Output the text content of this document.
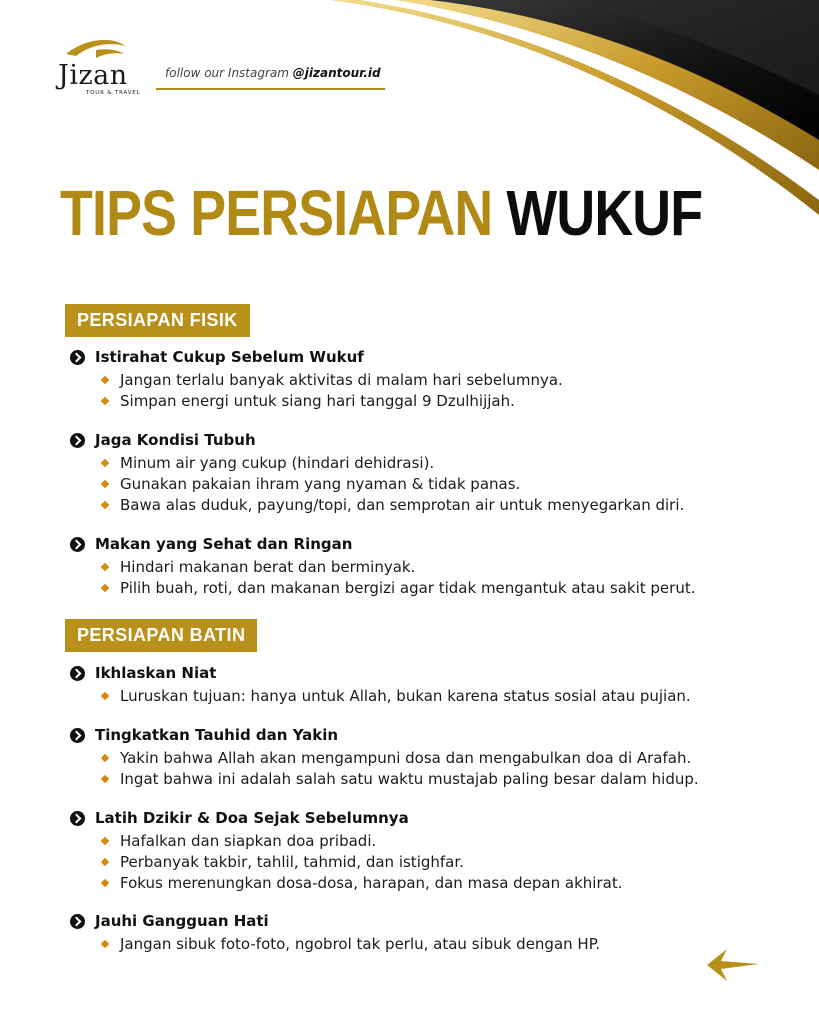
Jizan
TOUR & TRAVEL
follow our Instagram @jizantour.id
TIPS PERSIAPAN WUKUF
PERSIAPAN FISIK
Istirahat Cukup Sebelum Wukuf
Jangan terlalu banyak aktivitas di malam hari sebelumnya.
Simpan energi untuk siang hari tanggal 9 Dzulhijjah.
Jaga Kondisi Tubuh
Minum air yang cukup (hindari dehidrasi).
Gunakan pakaian ihram yang nyaman & tidak panas.
Bawa alas duduk, payung/topi, dan semprotan air untuk menyegarkan diri.
Makan yang Sehat dan Ringan
Hindari makanan berat dan berminyak.
Pilih buah, roti, dan makanan bergizi agar tidak mengantuk atau sakit perut.
PERSIAPAN BATIN
Ikhlaskan Niat
Luruskan tujuan: hanya untuk Allah, bukan karena status sosial atau pujian.
Tingkatkan Tauhid dan Yakin
Yakin bahwa Allah akan mengampuni dosa dan mengabulkan doa di Arafah.
Ingat bahwa ini adalah salah satu waktu mustajab paling besar dalam hidup.
Latih Dzikir & Doa Sejak Sebelumnya
Hafalkan dan siapkan doa pribadi.
Perbanyak takbir, tahlil, tahmid, dan istighfar.
Fokus merenungkan dosa-dosa, harapan, dan masa depan akhirat.
Jauhi Gangguan Hati
Jangan sibuk foto-foto, ngobrol tak perlu, atau sibuk dengan HP.
